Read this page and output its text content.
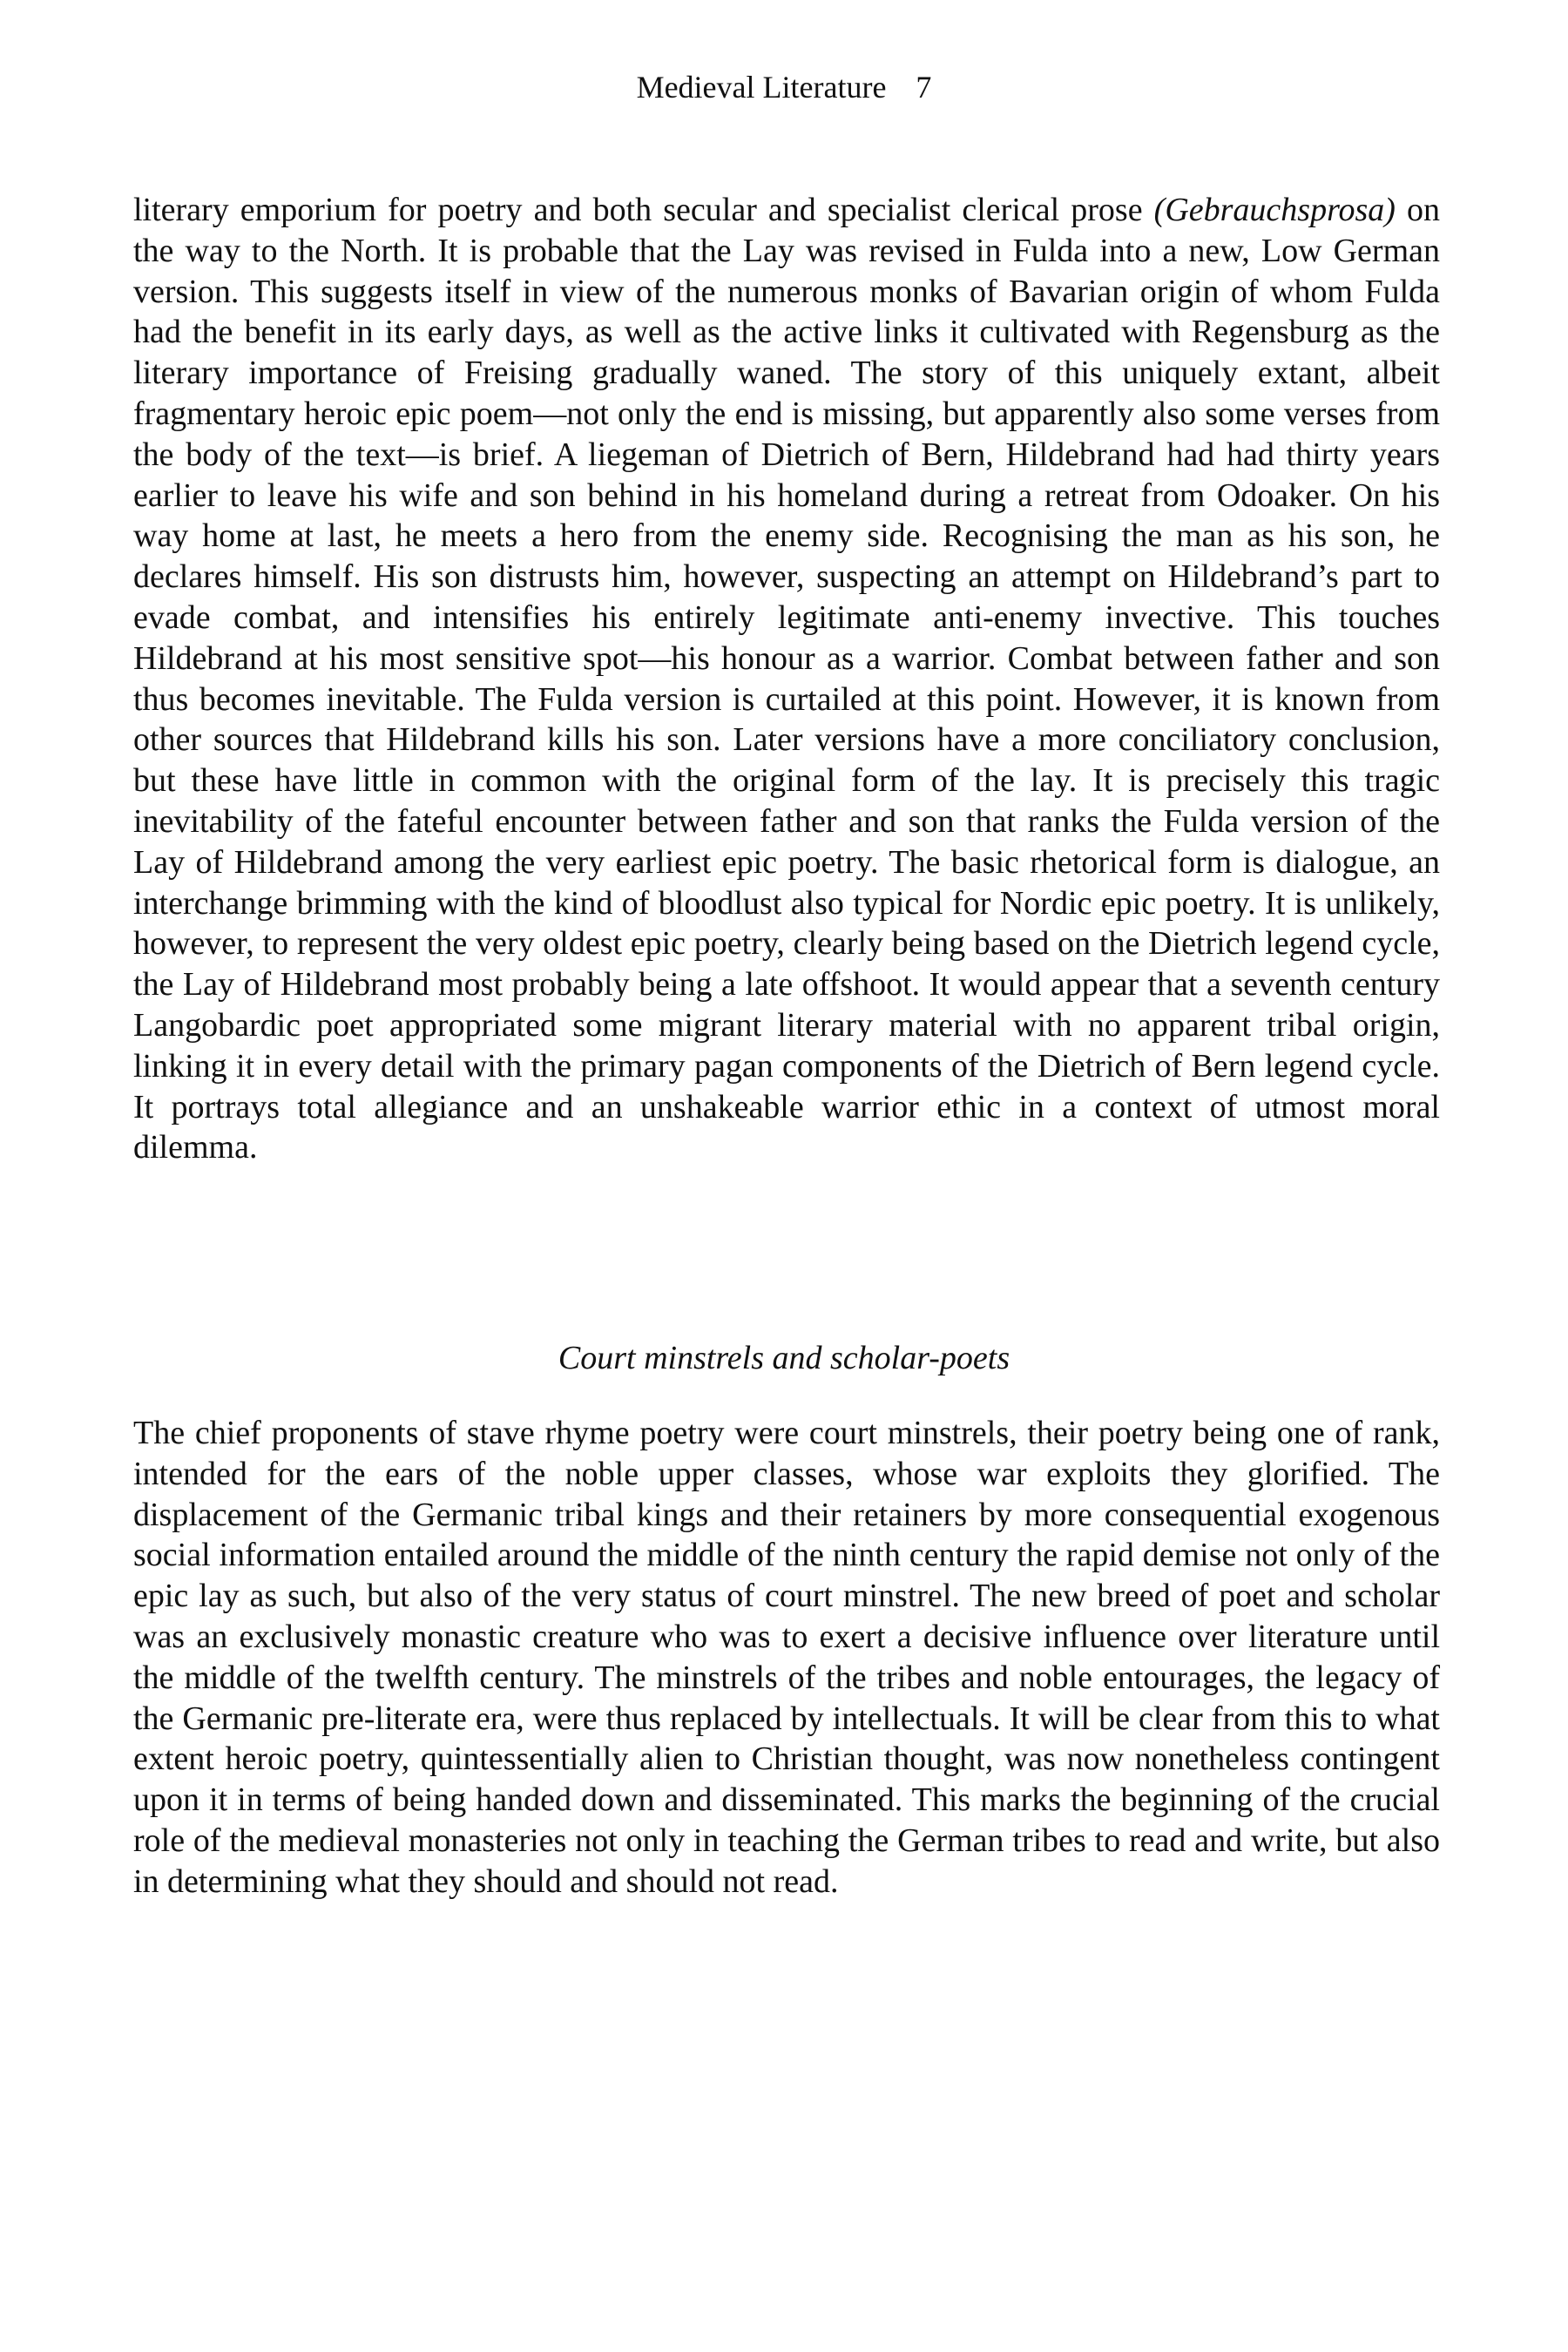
Medieval Literature 7

literary emporium for poetry and both secular and specialist clerical prose (Gebrauchsprosa) on the way to the North. It is probable that the Lay was revised in Fulda into a new, Low German version. This suggests itself in view of the numerous monks of Bavarian origin of whom Fulda had the benefit in its early days, as well as the active links it cultivated with Regensburg as the literary importance of Freising gradually waned. The story of this uniquely extant, albeit fragmentary heroic epic poem—not only the end is missing, but apparently also some verses from the body of the text—is brief. A liegeman of Dietrich of Bern, Hildebrand had had thirty years earlier to leave his wife and son behind in his homeland during a retreat from Odoaker. On his way home at last, he meets a hero from the enemy side. Recognising the man as his son, he declares himself. His son distrusts him, however, suspecting an attempt on Hildebrand’s part to evade combat, and intensifies his entirely legitimate anti-enemy invective. This touches Hildebrand at his most sensitive spot—his honour as a warrior. Combat between father and son thus becomes inevitable. The Fulda version is curtailed at this point. However, it is known from other sources that Hildebrand kills his son. Later versions have a more conciliatory conclusion, but these have little in common with the original form of the lay. It is precisely this tragic inevitability of the fateful encounter between father and son that ranks the Fulda version of the Lay of Hildebrand among the very earliest epic poetry. The basic rhetorical form is dialogue, an interchange brimming with the kind of bloodlust also typical for Nordic epic poetry. It is unlikely, however, to represent the very oldest epic poetry, clearly being based on the Dietrich legend cycle, the Lay of Hildebrand most probably being a late offshoot. It would appear that a seventh century Langobardic poet appropriated some migrant literary material with no apparent tribal origin, linking it in every detail with the primary pagan components of the Dietrich of Bern legend cycle. It portrays total allegiance and an unshakeable warrior ethic in a context of utmost moral dilemma.

Court minstrels and scholar-poets

The chief proponents of stave rhyme poetry were court minstrels, their poetry being one of rank, intended for the ears of the noble upper classes, whose war exploits they glorified. The displacement of the Germanic tribal kings and their retainers by more consequential exogenous social information entailed around the middle of the ninth century the rapid demise not only of the epic lay as such, but also of the very status of court minstrel. The new breed of poet and scholar was an exclusively monastic creature who was to exert a decisive influence over literature until the middle of the twelfth century. The minstrels of the tribes and noble entourages, the legacy of the Germanic pre-literate era, were thus replaced by intellectuals. It will be clear from this to what extent heroic poetry, quintessentially alien to Christian thought, was now nonetheless contingent upon it in terms of being handed down and disseminated. This marks the beginning of the crucial role of the medieval monasteries not only in teaching the German tribes to read and write, but also in determining what they should and should not read.
